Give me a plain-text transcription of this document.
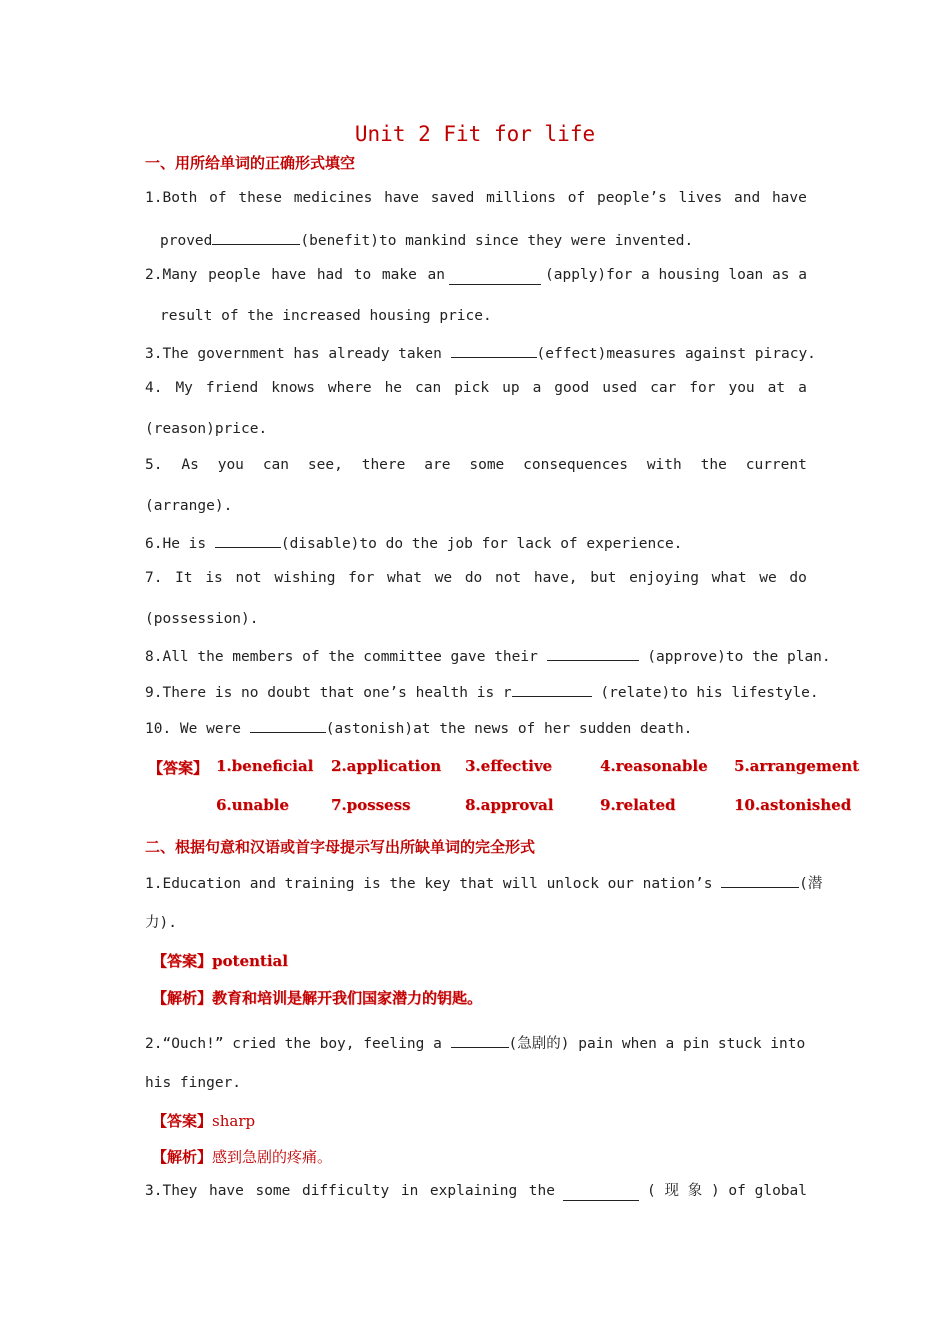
Unit 2 Fit for life
一、用所给单词的正确形式填空
1.Both of these medicines have saved millions of people’s lives and have
proved	(benefit)to mankind since they were invented.
2.Many people have had to make an	(apply)for a housing loan as a
result of the increased housing price.
3.The government has already taken	(effect)measures against piracy.
4. My friend knows where he can pick up a good used car for you at a
(reason)price.
5. As you can see, there are some consequences with the current
(arrange).
6.He is	(disable)to do the job for lack of experience.
7. It is not wishing for what we do not have, but enjoying what we do
(possession).
8.All the members of the committee gave their	(approve)to the plan.
9.There is no doubt that one’s health is r	(relate)to his lifestyle.
10. We were	(astonish)at the news of her sudden death.
【答案】 1.beneficial 2.application 3.effective	4.reasonable 5.arrangement
6.unable	7.possess	8.approval	9.related	10.astonished
二、根据句意和汉语或首字母提示写出所缺单词的完全形式
1.Education and training is the key that will unlock our nation’s	(潜
力).
【答案】potential
【解析】教育和培训是解开我们国家潜力的钥匙。
2.“Ouch!” cried the boy, feeling a	(急剧的) pain when a pin stuck into
his finger.
【答案】sharp
【解析】感到急剧的疼痛。
3.They have some difficulty in explaining the	( 现 象 ) of global
